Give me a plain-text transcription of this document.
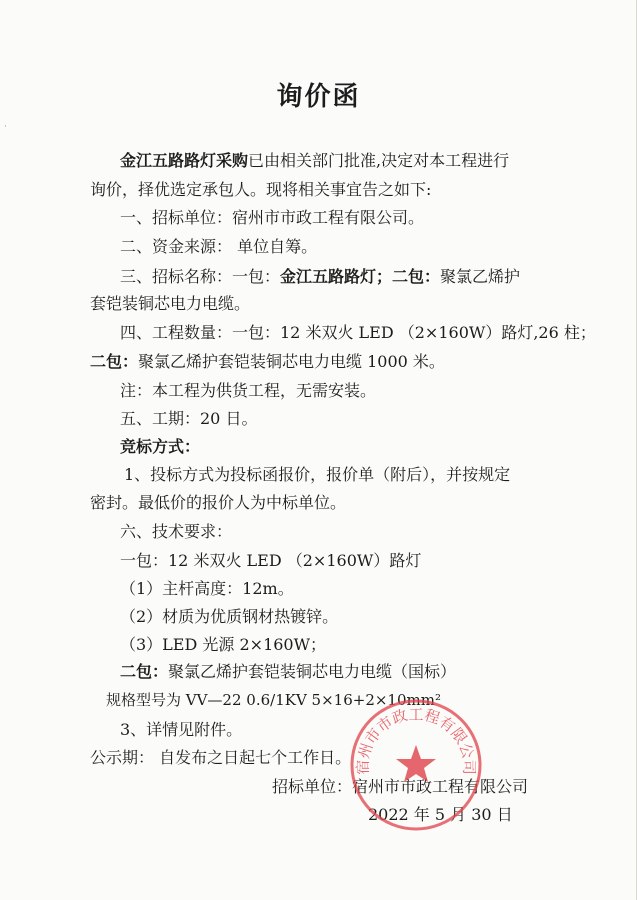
·
询价函
金江五路路灯采购已由相关部门批准,决定对本工程进行
询价，择优选定承包人。现将相关事宜告之如下:
一、招标单位：宿州市市政工程有限公司。
二、资金来源： 单位自筹。
三、招标名称：一包：金江五路路灯；二包：聚氯乙烯护
套铠装铜芯电力电缆。
四、工程数量：一包：12 米双火 LED （2×160W）路灯,26 柱；
二包：聚氯乙烯护套铠装铜芯电力电缆 1000 米。
注：本工程为供货工程，无需安装。
五、工期：20 日。
竞标方式：
1、投标方式为投标函报价，报价单（附后），并按规定
密封。最低价的报价人为中标单位。
六、技术要求：
一包：12 米双火 LED （2×160W）路灯
（1）主杆高度：12m。
（2）材质为优质钢材热镀锌。
（3）LED 光源 2×160W；
二包：聚氯乙烯护套铠装铜芯电力电缆（国标）
规格型号为 VV—22 0.6/1KV 5×16+2×10mm²
3、详情见附件。
公示期： 自发布之日起七个工作日。
招标单位：宿州市市政工程有限公司
2022 年 5 月 30 日
宿州市市政工程有限公司
